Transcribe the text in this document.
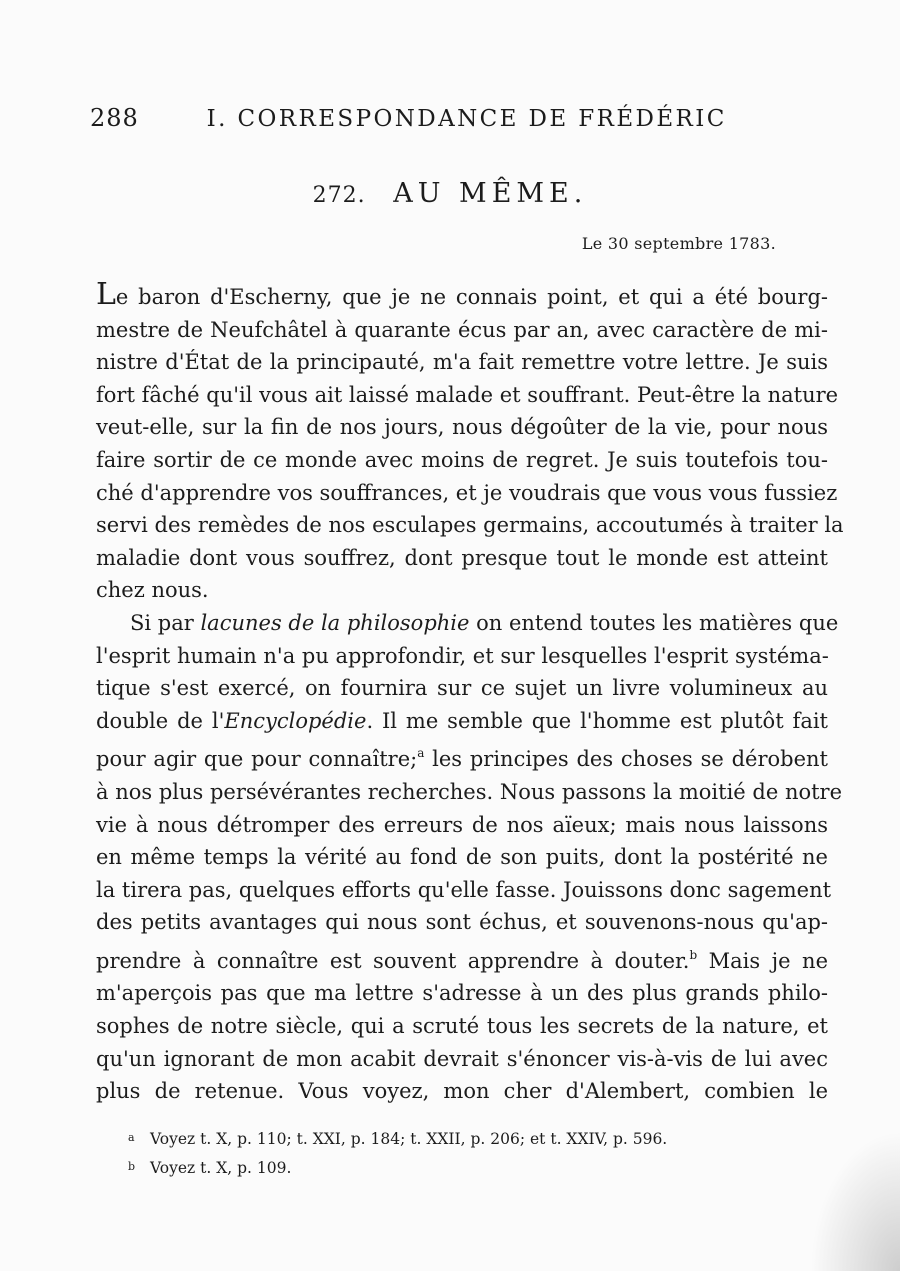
288	I. CORRESPONDANCE DE FRÉDÉRIC
272. AU MÊME.
Le 30 septembre 1783.
Le baron d'Escherny, que je ne connais point, et qui a été bourg-
mestre de Neufchâtel à quarante écus par an, avec caractère de mi-
nistre d'État de la principauté, m'a fait remettre votre lettre. Je suis
fort fâché qu'il vous ait laissé malade et souffrant. Peut-être la nature
veut-elle, sur la fin de nos jours, nous dégoûter de la vie, pour nous
faire sortir de ce monde avec moins de regret. Je suis toutefois tou-
ché d'apprendre vos souffrances, et je voudrais que vous vous fussiez
servi des remèdes de nos esculapes germains, accoutumés à traiter la
maladie dont vous souffrez, dont presque tout le monde est atteint
chez nous.
Si par lacunes de la philosophie on entend toutes les matières que
l'esprit humain n'a pu approfondir, et sur lesquelles l'esprit systéma-
tique s'est exercé, on fournira sur ce sujet un livre volumineux au
double de l'Encyclopédie. Il me semble que l'homme est plutôt fait
pour agir que pour connaître;$^a$ les principes des choses se dérobent
à nos plus persévérantes recherches. Nous passons la moitié de notre
vie à nous détromper des erreurs de nos aïeux; mais nous laissons
en même temps la vérité au fond de son puits, dont la postérité ne
la tirera pas, quelques efforts qu'elle fasse. Jouissons donc sagement
des petits avantages qui nous sont échus, et souvenons-nous qu'ap-
prendre à connaître est souvent apprendre à douter.$^b$ Mais je ne
m'aperçois pas que ma lettre s'adresse à un des plus grands philo-
sophes de notre siècle, qui a scruté tous les secrets de la nature, et
qu'un ignorant de mon acabit devrait s'énoncer vis-à-vis de lui avec
plus de retenue. Vous voyez, mon cher d'Alembert, combien le
a Voyez t. X, p. 110; t. XXI, p. 184; t. XXII, p. 206; et t. XXIV, p. 596.
b Voyez t. X, p. 109.
